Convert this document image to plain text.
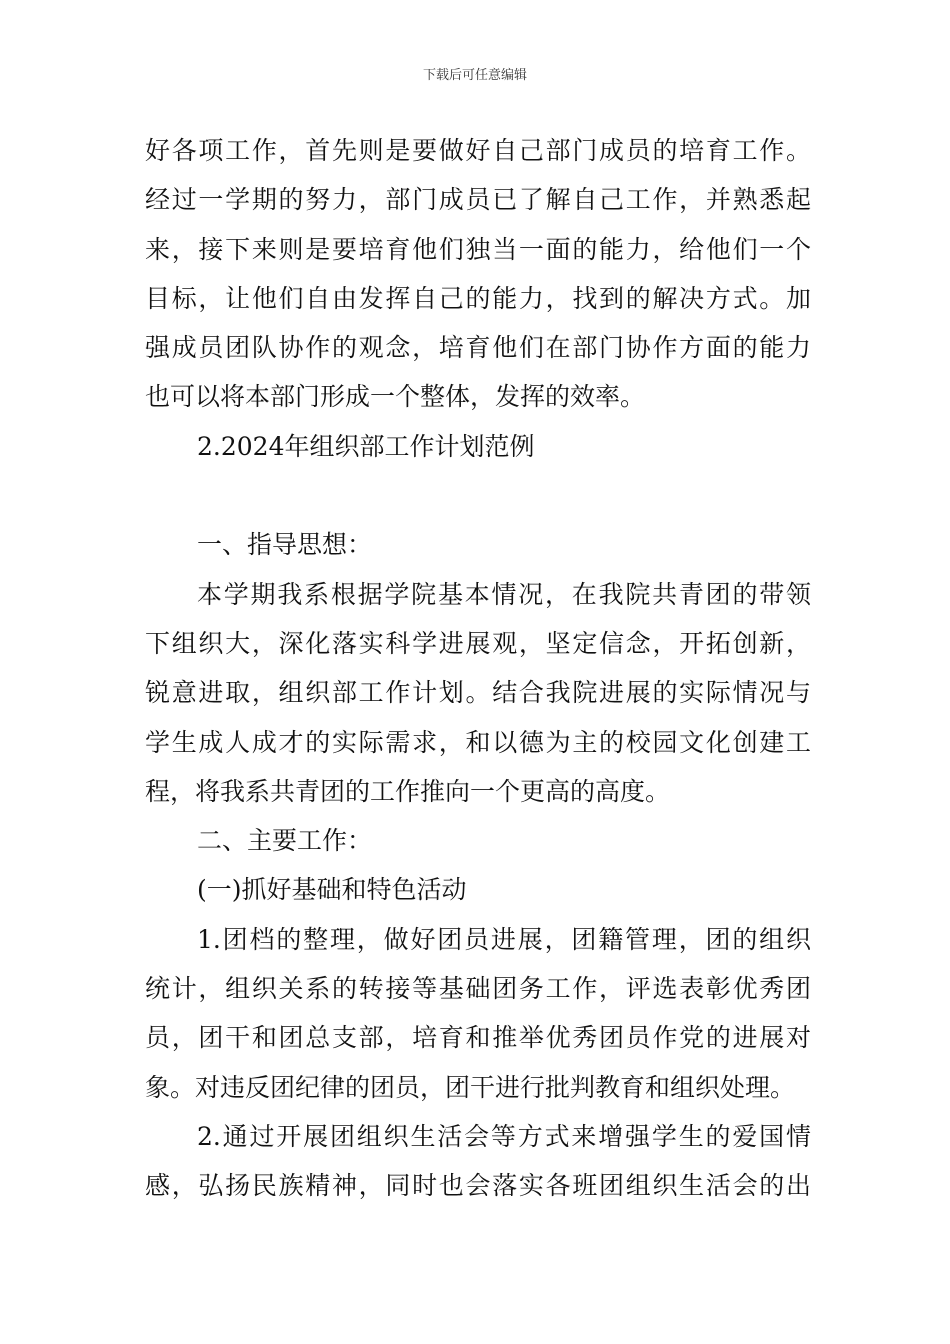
下载后可任意编辑
好各项工作，首先则是要做好自己部门成员的培育工作。
经过一学期的努力，部门成员已了解自己工作，并熟悉起
来，接下来则是要培育他们独当一面的能力，给他们一个
目标，让他们自由发挥自己的能力，找到的解决方式。加
强成员团队协作的观念，培育他们在部门协作方面的能力
也可以将本部门形成一个整体，发挥的效率。
2.2024年组织部工作计划范例
一、指导思想：
本学期我系根据学院基本情况，在我院共青团的带领
下组织大，深化落实科学进展观，坚定信念，开拓创新，
锐意进取，组织部工作计划。结合我院进展的实际情况与
学生成人成才的实际需求，和以德为主的校园文化创建工
程，将我系共青团的工作推向一个更高的高度。
二、主要工作：
(一)抓好基础和特色活动
1.团档的整理，做好团员进展，团籍管理，团的组织
统计，组织关系的转接等基础团务工作，评选表彰优秀团
员，团干和团总支部，培育和推举优秀团员作党的进展对
象。对违反团纪律的团员，团干进行批判教育和组织处理。
2.通过开展团组织生活会等方式来增强学生的爱国情
感，弘扬民族精神，同时也会落实各班团组织生活会的出
